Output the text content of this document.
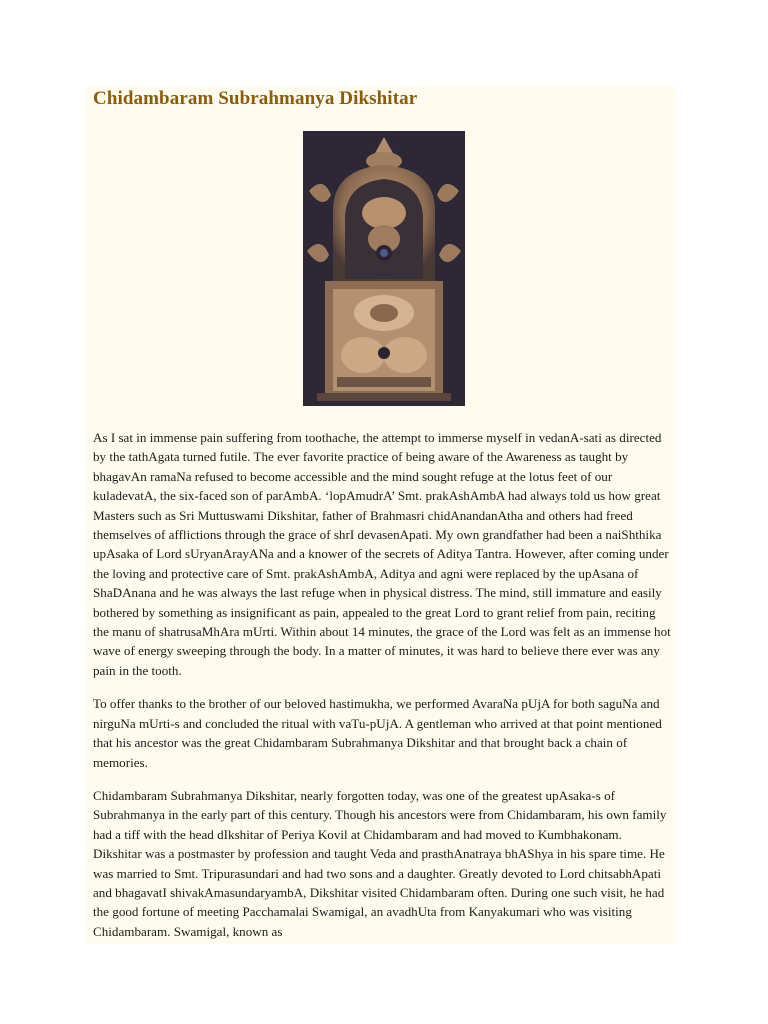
Chidambaram Subrahmanya Dikshitar

As I sat in immense pain suffering from toothache, the attempt to immerse myself in vedanA-sati as directed by the tathAgata turned futile. The ever favorite practice of being aware of the Awareness as taught by bhagavAn ramaNa refused to become accessible and the mind sought refuge at the lotus feet of our kuladevatA, the six-faced son of parAmbA. ‘lopAmudrA’ Smt. prakAshAmbA had always told us how great Masters such as Sri Muttuswami Dikshitar, father of Brahmasri chidAnandanAtha and others had freed themselves of afflictions through the grace of shrI devasenApati. My own grandfather had been a naiShthika upAsaka of Lord sUryanArayANa and a knower of the secrets of Aditya Tantra. However, after coming under the loving and protective care of Smt. prakAshAmbA, Aditya and agni were replaced by the upAsana of ShaDAnana and he was always the last refuge when in physical distress. The mind, still immature and easily bothered by something as insignificant as pain, appealed to the great Lord to grant relief from pain, reciting the manu of shatrusaMhAra mUrti. Within about 14 minutes, the grace of the Lord was felt as an immense hot wave of energy sweeping through the body. In a matter of minutes, it was hard to believe there ever was any pain in the tooth.

To offer thanks to the brother of our beloved hastimukha, we performed AvaraNa pUjA for both saguNa and nirguNa mUrti-s and concluded the ritual with vaTu-pUjA. A gentleman who arrived at that point mentioned that his ancestor was the great Chidambaram Subrahmanya Dikshitar and that brought back a chain of memories.

Chidambaram Subrahmanya Dikshitar, nearly forgotten today, was one of the greatest upAsaka-s of Subrahmanya in the early part of this century. Though his ancestors were from Chidambaram, his own family had a tiff with the head dIkshitar of Periya Kovil at Chidambaram and had moved to Kumbhakonam. Dikshitar was a postmaster by profession and taught Veda and prasthAnatraya bhAShya in his spare time. He was married to Smt. Tripurasundari and had two sons and a daughter. Greatly devoted to Lord chitsabhApati and bhagavatI shivakAmasundaryambA, Dikshitar visited Chidambaram often. During one such visit, he had the good fortune of meeting Pacchamalai Swamigal, an avadhUta from Kanyakumari who was visiting Chidambaram. Swamigal, known as
